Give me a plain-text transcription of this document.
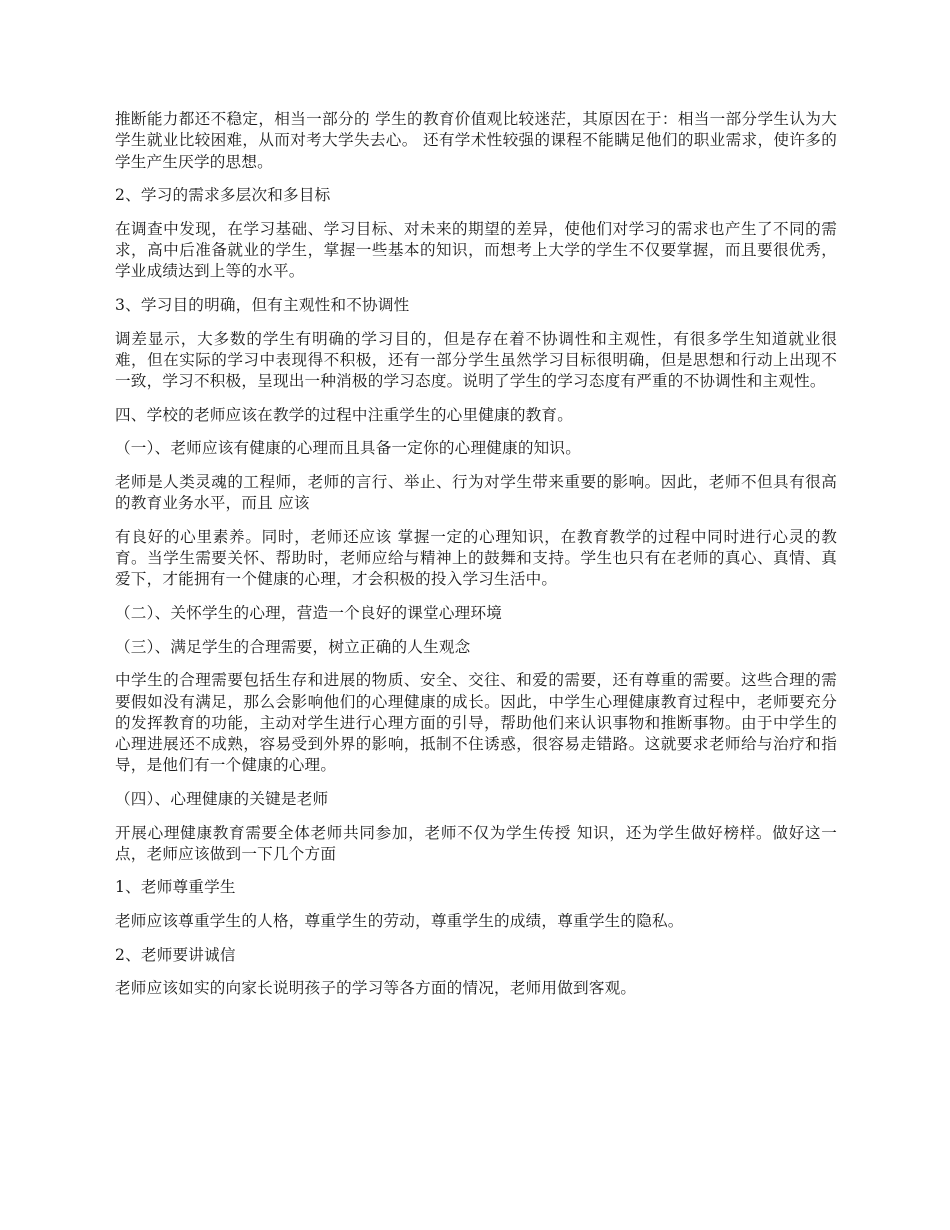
推断能力都还不稳定，相当一部分的 学生的教育价值观比较迷茫，其原因在于：相当一部分学生认为大学生就业比较困难，从而对考大学失去心。 还有学术性较强的课程不能瞒足他们的职业需求，使许多的学生产生厌学的思想。

2、学习的需求多层次和多目标

在调查中发现，在学习基础、学习目标、对未来的期望的差异，使他们对学习的需求也产生了不同的需求，高中后准备就业的学生，掌握一些基本的知识，而想考上大学的学生不仅要掌握，而且要很优秀，学业成绩达到上等的水平。

3、学习目的明确，但有主观性和不协调性

调差显示，大多数的学生有明确的学习目的，但是存在着不协调性和主观性，有很多学生知道就业很难，但在实际的学习中表现得不积极，还有一部分学生虽然学习目标很明确，但是思想和行动上出现不一致，学习不积极，呈现出一种消极的学习态度。说明了学生的学习态度有严重的不协调性和主观性。

四、学校的老师应该在教学的过程中注重学生的心里健康的教育。

（一）、老师应该有健康的心理而且具备一定你的心理健康的知识。

老师是人类灵魂的工程师，老师的言行、举止、行为对学生带来重要的影响。因此，老师不但具有很高的教育业务水平，而且 应该

有良好的心里素养。同时，老师还应该 掌握一定的心理知识，在教育教学的过程中同时进行心灵的教育。当学生需要关怀、帮助时，老师应给与精神上的鼓舞和支持。学生也只有在老师的真心、真情、真爱下，才能拥有一个健康的心理，才会积极的投入学习生活中。

（二）、关怀学生的心理，营造一个良好的课堂心理环境

（三）、满足学生的合理需要，树立正确的人生观念

中学生的合理需要包括生存和进展的物质、安全、交往、和爱的需要，还有尊重的需要。这些合理的需要假如没有满足，那么会影响他们的心理健康的成长。因此，中学生心理健康教育过程中，老师要充分的发挥教育的功能，主动对学生进行心理方面的引导，帮助他们来认识事物和推断事物。由于中学生的心理进展还不成熟，容易受到外界的影响，抵制不住诱惑，很容易走错路。这就要求老师给与治疗和指导，是他们有一个健康的心理。

（四）、心理健康的关键是老师

开展心理健康教育需要全体老师共同参加，老师不仅为学生传授 知识，还为学生做好榜样。做好这一点，老师应该做到一下几个方面

1、老师尊重学生

老师应该尊重学生的人格，尊重学生的劳动，尊重学生的成绩，尊重学生的隐私。

2、老师要讲诚信

老师应该如实的向家长说明孩子的学习等各方面的情况，老师用做到客观。
